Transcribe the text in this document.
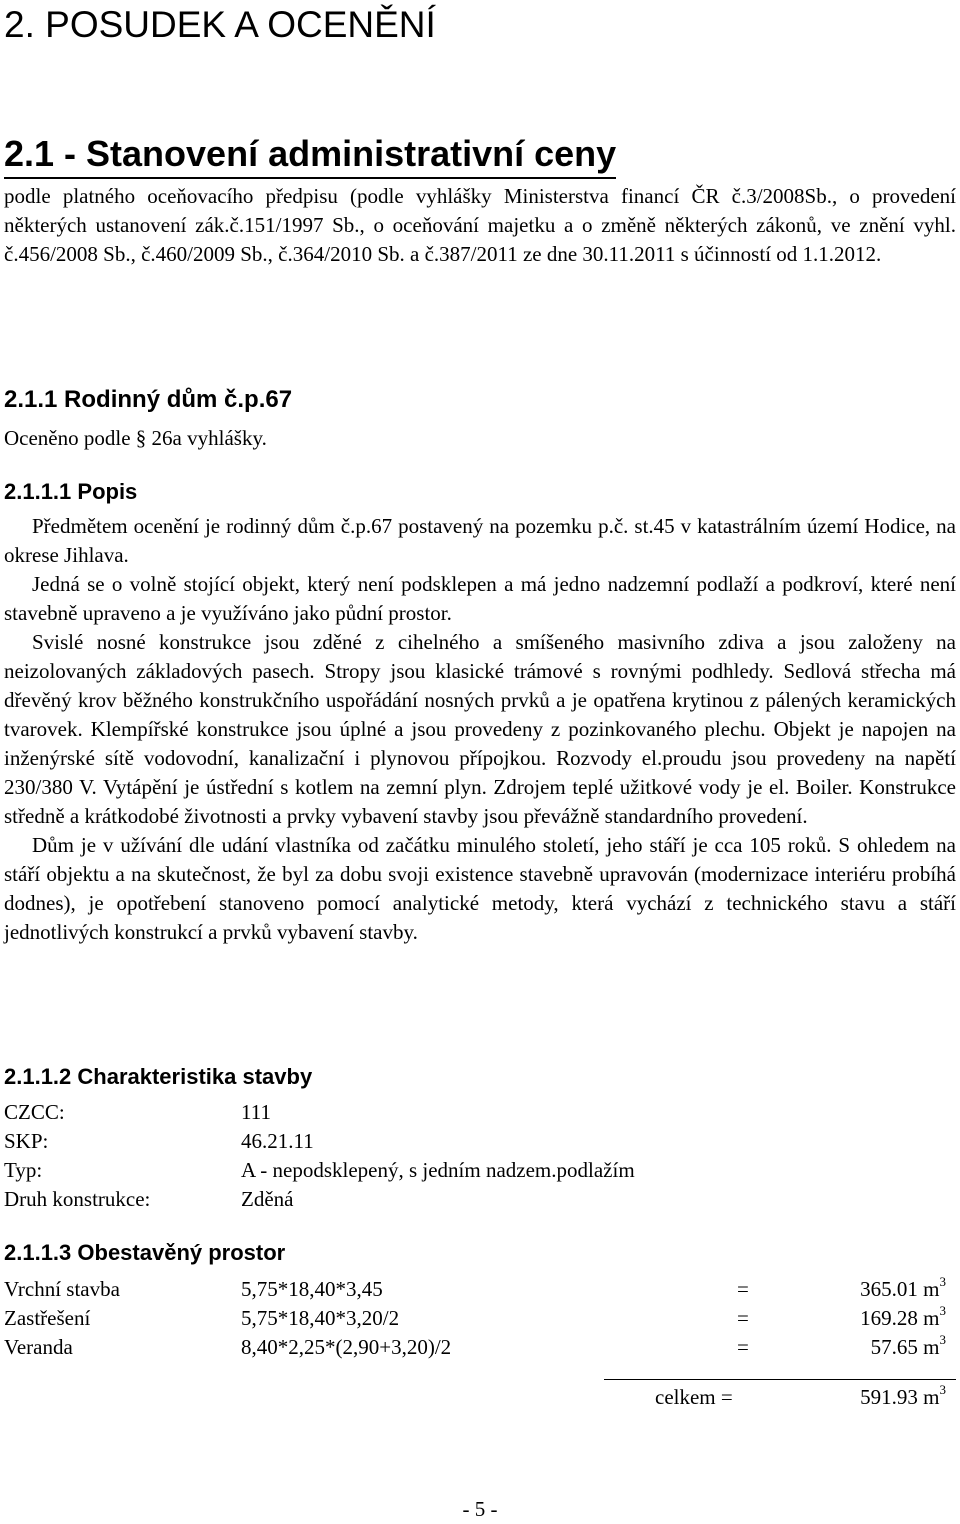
2. POSUDEK A OCENĚNÍ
2.1 - Stanovení administrativní ceny

podle platného oceňovacího předpisu (podle vyhlášky Ministerstva financí ČR č.3/2008Sb., o provedení některých ustanovení zák.č.151/1997 Sb., o oceňování majetku a o změně některých zákonů, ve znění vyhl. č.456/2008 Sb., č.460/2009 Sb., č.364/2010 Sb. a č.387/2011 ze dne 30.11.2011 s účinností od 1.1.2012.

2.1.1 Rodinný dům č.p.67

Oceněno podle § 26a vyhlášky.

2.1.1.1 Popis

Předmětem ocenění je rodinný dům č.p.67 postavený na pozemku p.č. st.45 v katastrálním území Hodice, na okrese Jihlava.

Jedná se o volně stojící objekt, který není podsklepen a má jedno nadzemní podlaží a podkroví, které není stavebně upraveno a je využíváno jako půdní prostor.

Svislé nosné konstrukce jsou zděné z cihelného a smíšeného masivního zdiva a jsou založeny na neizolovaných základových pasech. Stropy jsou klasické trámové s rovnými podhledy. Sedlová střecha má dřevěný krov běžného konstrukčního uspořádání nosných prvků a je opatřena krytinou z pálených keramických tvarovek. Klempířské konstrukce jsou úplné a jsou provedeny z pozinkovaného plechu. Objekt je napojen na inženýrské sítě vodovodní, kanalizační i plynovou přípojkou. Rozvody el.proudu jsou provedeny na napětí 230/380 V. Vytápění je ústřední s kotlem na zemní plyn. Zdrojem teplé užitkové vody je el. Boiler. Konstrukce středně a krátkodobé životnosti a prvky vybavení stavby jsou převážně standardního provedení.

Dům je v užívání dle udání vlastníka od začátku minulého století, jeho stáří je cca 105 roků. S ohledem na stáří objektu a na skutečnost, že byl za dobu svoji existence stavebně upravován (modernizace interiéru probíhá dodnes), je opotřebení stanoveno pomocí analytické metody, která vychází z technického stavu a stáří jednotlivých konstrukcí a prvků vybavení stavby.

2.1.1.2 Charakteristika stavby
CZCC:	111
SKP:	46.21.11
Typ:	A - nepodsklepený, s jedním nadzem.podlažím
Druh konstrukce:	Zděná
2.1.1.3 Obestavěný prostor
Vrchní stavba	5,75*18,40*3,45	=	365.01 $m^3$
Zastřešení	5,75*18,40*3,20/2	=	169.28 $m^3$
Veranda	8,40*2,25*(2,90+3,20)/2	=	57.65 $m^3$
celkem =	591.93 $m^3$
- 5 -
